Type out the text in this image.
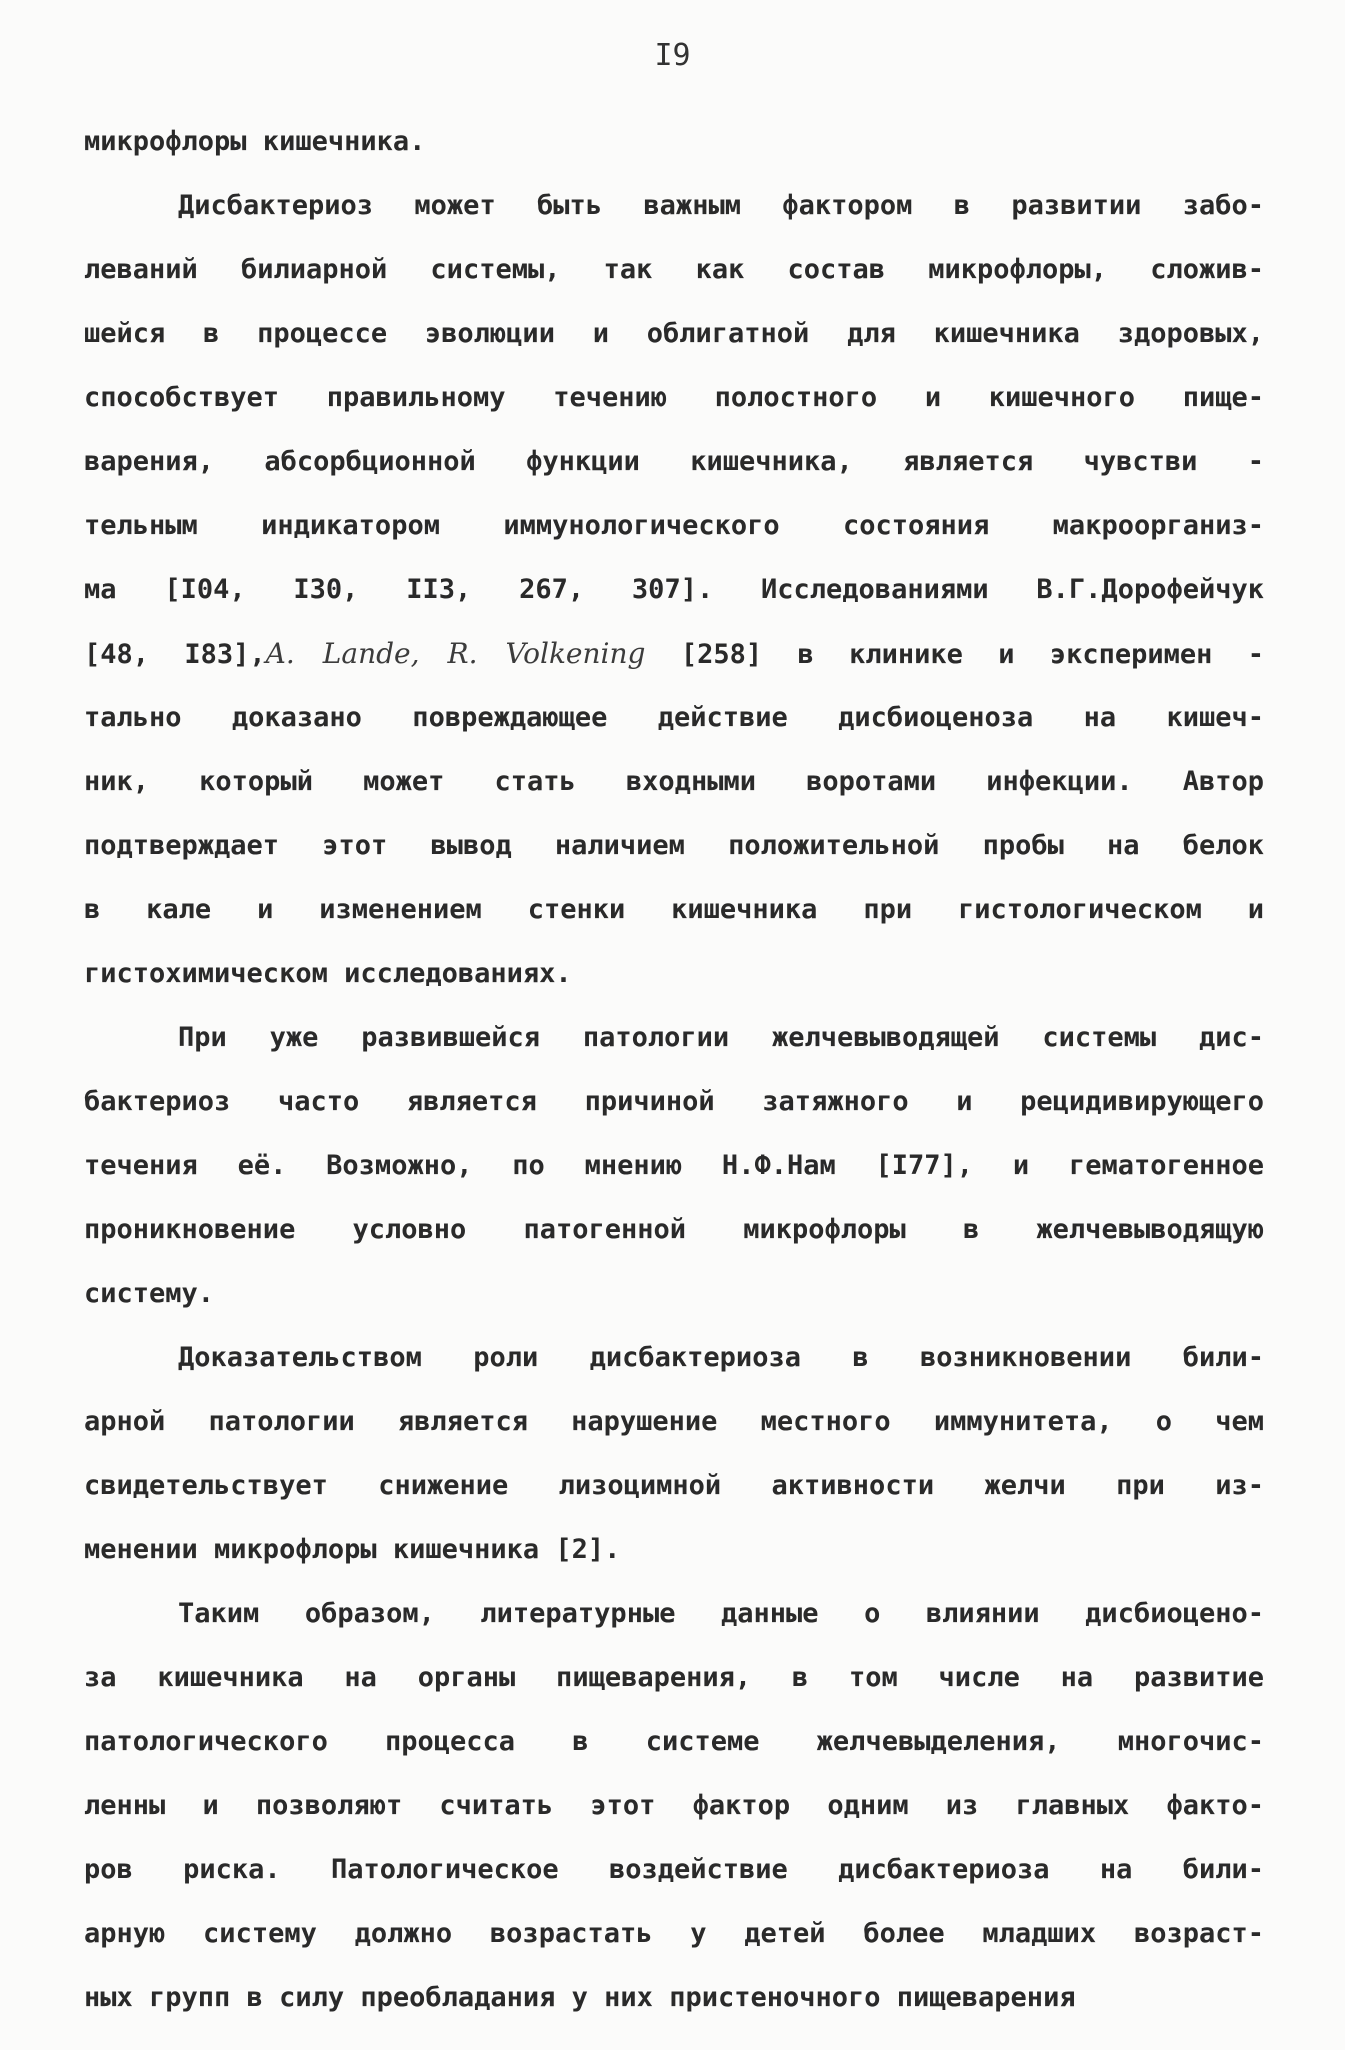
I9
микрофлоры кишечника.
Дисбактериоз может быть важным фактором в развитии забо-
леваний билиарной системы, так как состав микрофлоры, сложив-
шейся в процессе эволюции и облигатной для кишечника здоровых,
способствует правильному течению полостного и кишечного пище-
варения, абсорбционной функции кишечника, является чувстви -
тельным индикатором иммунологического состояния макроорганиз-
ма [I04, I30, II3, 267, 307]. Исследованиями В.Г.Дорофейчук
[48, I83],A. Lande, R. Volkening [258] в клинике и эксперимен -
тально доказано повреждающее действие дисбиоценоза на кишеч-
ник, который может стать входными воротами инфекции. Автор
подтверждает этот вывод наличием положительной пробы на белок
в кале и изменением стенки кишечника при гистологическом и
гистохимическом исследованиях.
При уже развившейся патологии желчевыводящей системы дис-
бактериоз часто является причиной затяжного и рецидивирующего
течения её. Возможно, по мнению Н.Ф.Нам [I77], и гематогенное
проникновение условно патогенной микрофлоры в желчевыводящую
систему.
Доказательством роли дисбактериоза в возникновении били-
арной патологии является нарушение местного иммунитета, о чем
свидетельствует снижение лизоцимной активности желчи при из-
менении микрофлоры кишечника [2].
Таким образом, литературные данные о влиянии дисбиоцено-
за кишечника на органы пищеварения, в том числе на развитие
патологического процесса в системе желчевыделения, многочис-
ленны и позволяют считать этот фактор одним из главных факто-
ров риска. Патологическое воздействие дисбактериоза на били-
арную систему должно возрастать у детей более младших возраст-
ных групп в силу преобладания у них пристеночного пищеварения
